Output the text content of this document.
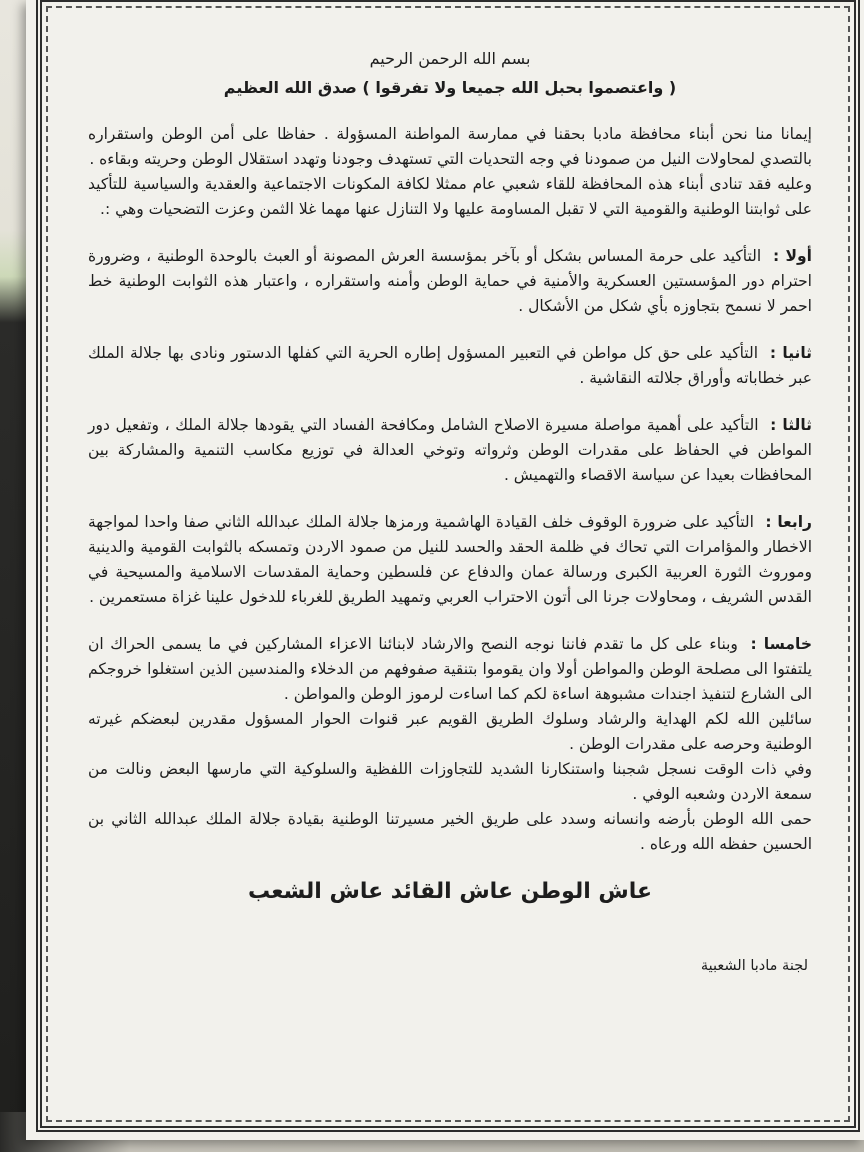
بسم الله الرحمن الرحيم

( واعتصموا بحبل الله جميعا ولا تفرقوا ) صدق الله العظيم

إيمانا منا نحن أبناء محافظة مادبا بحقنا في ممارسة المواطنة المسؤولة . حفاظا على أمن الوطن واستقراره بالتصدي لمحاولات النيل من صمودنا في وجه التحديات التي تستهدف وجودنا وتهدد استقلال الوطن وحريته وبقاءه .

وعليه فقد تنادى أبناء هذه المحافظة للقاء شعبي عام ممثلا لكافة المكونات الاجتماعية والعقدية والسياسية للتأكيد على ثوابتنا الوطنية والقومية التي لا تقبل المساومة عليها ولا التنازل عنها مهما غلا الثمن وعزت التضحيات وهي :.

أولا : التأكيد على حرمة المساس بشكل أو بآخر بمؤسسة العرش المصونة أو العبث بالوحدة الوطنية ، وضرورة احترام دور المؤسستين العسكرية والأمنية في حماية الوطن وأمنه واستقراره ، واعتبار هذه الثوابت الوطنية خط احمر لا نسمح بتجاوزه بأي شكل من الأشكال .

ثانيا : التأكيد على حق كل مواطن في التعبير المسؤول إطاره الحرية التي كفلها الدستور ونادى بها جلالة الملك عبر خطاباته وأوراق جلالته النقاشية .

ثالثا : التأكيد على أهمية مواصلة مسيرة الاصلاح الشامل ومكافحة الفساد التي يقودها جلالة الملك ، وتفعيل دور المواطن في الحفاظ على مقدرات الوطن وثرواته وتوخي العدالة في توزيع مكاسب التنمية والمشاركة بين المحافظات بعيدا عن سياسة الاقصاء والتهميش .

رابعا : التأكيد على ضرورة الوقوف خلف القيادة الهاشمية ورمزها جلالة الملك عبدالله الثاني صفا واحدا لمواجهة الاخطار والمؤامرات التي تحاك في ظلمة الحقد والحسد للنيل من صمود الاردن وتمسكه بالثوابت القومية والدينية وموروث الثورة العربية الكبرى ورسالة عمان والدفاع عن فلسطين وحماية المقدسات الاسلامية والمسيحية في القدس الشريف ، ومحاولات جرنا الى أتون الاحتراب العربي وتمهيد الطريق للغرباء للدخول علينا غزاة مستعمرين .

خامسا : وبناء على كل ما تقدم فاننا نوجه النصح والارشاد لابنائنا الاعزاء المشاركين في ما يسمى الحراك ان يلتفتوا الى مصلحة الوطن والمواطن أولا وان يقوموا بتنقية صفوفهم من الدخلاء والمندسين الذين استغلوا خروجكم الى الشارع لتنفيذ اجندات مشبوهة اساءة لكم كما اساءت لرموز الوطن والمواطن .

سائلين الله لكم الهداية والرشاد وسلوك الطريق القويم عبر قنوات الحوار المسؤول مقدرين لبعضكم غيرته الوطنية وحرصه على مقدرات الوطن .

وفي ذات الوقت نسجل شجبنا واستنكارنا الشديد للتجاوزات اللفظية والسلوكية التي مارسها البعض ونالت من سمعة الاردن وشعبه الوفي .

حمى الله الوطن بأرضه وانسانه وسدد على طريق الخير مسيرتنا الوطنية بقيادة جلالة الملك عبدالله الثاني بن الحسين حفظه الله ورعاه .

عاش الوطن عاش القائد عاش الشعب

لجنة مادبا الشعبية
